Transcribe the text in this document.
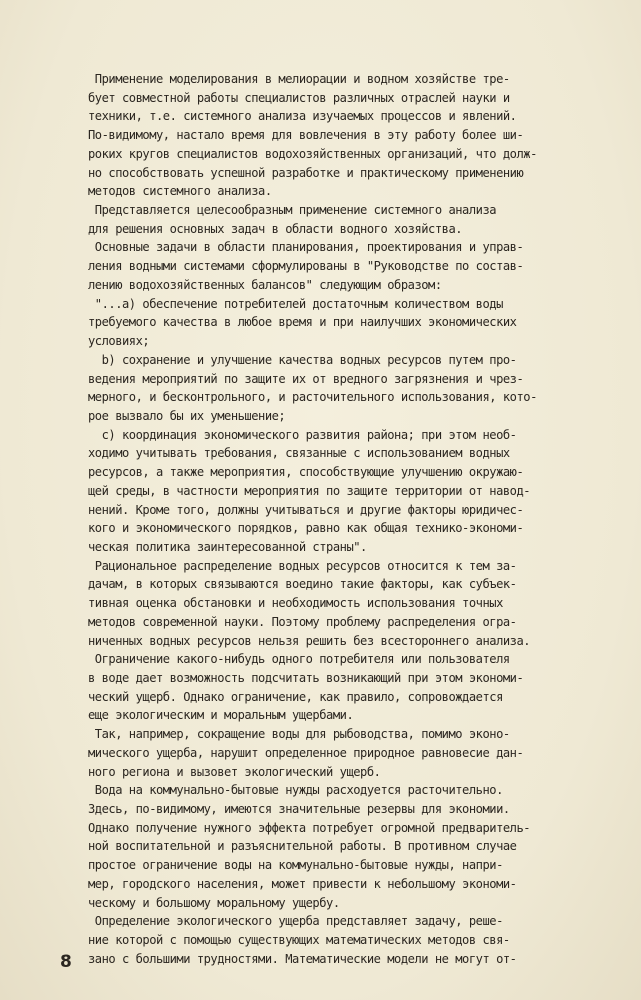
Применение моделирования в мелиорации и водном хозяйстве тре-
бует совместной работы специалистов различных отраслей науки и
техники, т.е. системного анализа изучаемых процессов и явлений.
По-видимому, настало время для вовлечения в эту работу более ши-
роких кругов специалистов водохозяйственных организаций, что долж-
но способствовать успешной разработке и практическому применению
методов системного анализа.
Представляется целесообразным применение системного анализа
для решения основных задач в области водного хозяйства.
Основные задачи в области планирования, проектирования и управ-
ления водными системами сформулированы в "Руководстве по состав-
лению водохозяйственных балансов" следующим образом:
"...а) обеспечение потребителей достаточным количеством воды
требуемого качества в любое время и при наилучших экономических
условиях;
b) сохранение и улучшение качества водных ресурсов путем про-
ведения мероприятий по защите их от вредного загрязнения и чрез-
мерного, и бесконтрольного, и расточительного использования, кото-
рое вызвало бы их уменьшение;
с) координация экономического развития района; при этом необ-
ходимо учитывать требования, связанные с использованием водных
ресурсов, а также мероприятия, способствующие улучшению окружаю-
щей среды, в частности мероприятия по защите территории от навод-
нений. Кроме того, должны учитываться и другие факторы юридичес-
кого и экономического порядков, равно как общая технико-экономи-
ческая политика заинтересованной страны".
Рациональное распределение водных ресурсов относится к тем за-
дачам, в которых связываются воедино такие факторы, как субъек-
тивная оценка обстановки и необходимость использования точных
методов современной науки. Поэтому проблему распределения огра-
ниченных водных ресурсов нельзя решить без всестороннего анализа.
Ограничение какого-нибудь одного потребителя или пользователя
в воде дает возможность подсчитать возникающий при этом экономи-
ческий ущерб. Однако ограничение, как правило, сопровождается
еще экологическим и моральным ущербами.
Так, например, сокращение воды для рыбоводства, помимо эконо-
мического ущерба, нарушит определенное природное равновесие дан-
ного региона и вызовет экологический ущерб.
Вода на коммунально-бытовые нужды расходуется расточительно.
Здесь, по-видимому, имеются значительные резервы для экономии.
Однако получение нужного эффекта потребует огромной предваритель-
ной воспитательной и разъяснительной работы. В противном случае
простое ограничение воды на коммунально-бытовые нужды, напри-
мер, городского населения, может привести к небольшому экономи-
ческому и большому моральному ущербу.
Определение экологического ущерба представляет задачу, реше-
ние которой с помощью существующих математических методов свя-
зано с большими трудностями. Математические модели не могут от-
8
